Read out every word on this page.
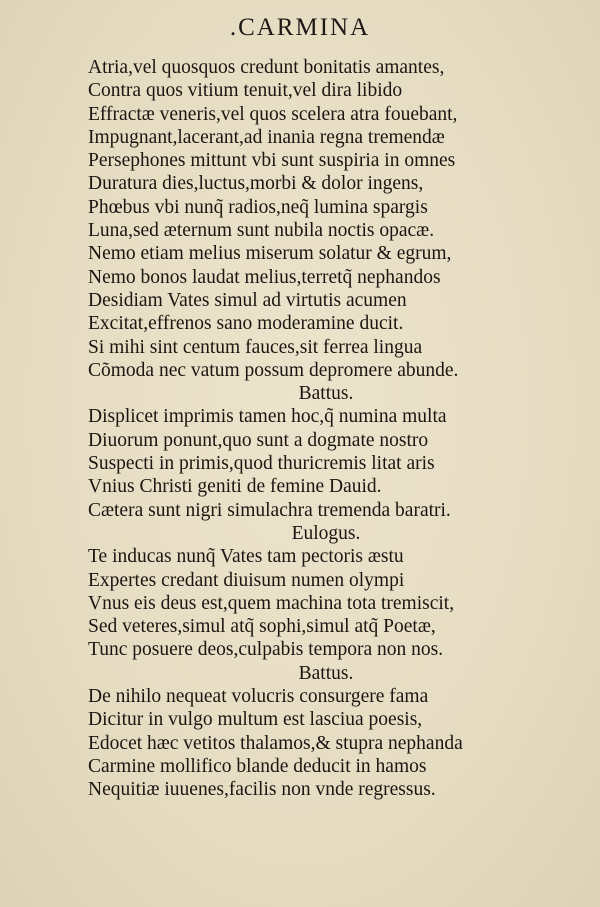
.CARMINA
Atria,vel quosquos credunt bonitatis amantes,
Contra quos vitium tenuit,vel dira libido
Effractæ veneris,vel quos scelera atra fouebant,
Impugnant,lacerant,ad inania regna tremendæ
Persephones mittunt vbi sunt suspiria in omnes
Duratura dies,luctus,morbi & dolor ingens,
Phœbus vbi nunq̃ radios,neq̃ lumina spargis
Luna,sed æternum sunt nubila noctis opacæ.
Nemo etiam melius miserum solatur & egrum,
Nemo bonos laudat melius,terretq̃ nephandos
Desidiam Vates simul ad virtutis acumen
Excitat,effrenos sano moderamine ducit.
Si mihi sint centum fauces,sit ferrea lingua
Cõmoda nec vatum possum depromere abunde.
Battus.
Displicet imprimis tamen hoc,q̃ numina multa
Diuorum ponunt,quo sunt a dogmate nostro
Suspecti in primis,quod thuricremis litat aris
Vnius Christi geniti de femine Dauid.
Cætera sunt nigri simulachra tremenda baratri.
Eulogus.
Te inducas nunq̃ Vates tam pectoris æstu
Expertes credant diuisum numen olympi
Vnus eis deus est,quem machina tota tremiscit,
Sed veteres,simul atq̃ sophi,simul atq̃ Poetæ,
Tunc posuere deos,culpabis tempora non nos.
Battus.
De nihilo nequeat volucris consurgere fama
Dicitur in vulgo multum est lasciua poesis,
Edocet hæc vetitos thalamos,& stupra nephanda
Carmine mollifico blande deducit in hamos
Nequitiæ iuuenes,facilis non vnde regressus.
